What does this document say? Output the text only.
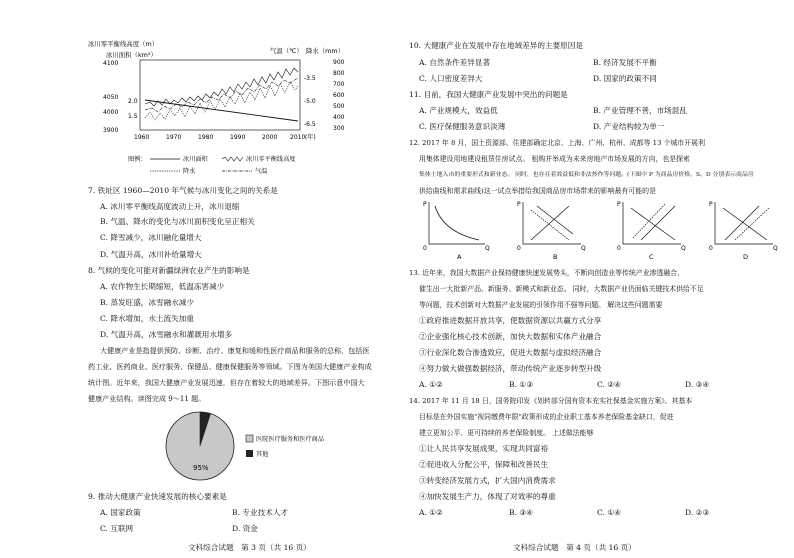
冰川零平衡线高度（m）
冰川面积（km²）	气温（℃） 降水（mm）
4100
4050
4000
3900
2.0
1.5
-3.5
-5.0
-6.5
900
800
700
600
500
400
300
1960	1970	1980	1990	2000 2010 (年)
图例：	冰川面积	冰川零平衡线高度
降水	气温
7. 铁址区 1960—2010 年气候与冰川变化之间的关系是
A. 冰川零平衡线高度波动上升，冰川退缩
B. 气温、降水的变化与冰川面积变化呈正相关
C. 降雪减少，冰川融化量增大
D. 气温升高，冰川补给量增大
8. 气候的变化可能对新疆绿洲农业产生的影响是
A. 农作物生长期缩短，低温冻害减少
B. 蒸发旺盛，冰雪融水减少
C. 降水增加，水土流失加重
D. 气温升高，冰雪融水和灌溉用水增多
大健康产业是指提供预防、诊断、治疗、康复和缓和性医疗商品和服务的总称，包括医
药工业、医药商业、医疗服务、保健品、健康保健服务等领域。下图为美国大健康产业构成
统计图。近年来，我国大健康产业发展迅速，但存在着较大的地域差异。下图示意中国大
健康产业结构。读图完成 9～11 题。
95%
医院医疗服务和医疗商品
其他
9. 推动大健康产业快速发展的核心要素是
A. 国家政策	B. 专业技术人才
C. 互联网	D. 资金
文科综合试题　第 3 页（共 16 页）
10. 大健康产业在发展中存在地域差异的主要原因是
A. 自然条件差异显著	B. 经济发展不平衡
C. 人口密度差异大	D. 国家的政策不同
11. 目前，我国大健康产业发展中突出的问题是
A. 产业规模大，效益低	B. 产业管理不善，市场混乱
C. 医疗保健服务意识淡薄	D. 产业结构较为单一
12. 2017 年 8 月，国土资源部、住建部确定北京、上海、广州、杭州、成都等 13 个城市开展利
用集体建设用地建设租赁住房试点。 租购并举成为未来房地产市场发展的方向，也是探索
集体土地入市的重要形式和新业态。 同时，也存在着效益低和非法炒作等问题。(下图中 P 为商品房价格，S、D 分别表示商品房
供给曲线和需求曲线)这一试点举措给我国商品房市场带来的影响最有可能的是
P
0	Q
A
P
0	Q
B
P
0	Q
C
P
0	Q
D
13. 近年来，我国大数据产业保持健康快速发展势头，不断向创造业等传统产业渗透融合，
催生出一大批新产品、新服务、新模式和新业态。 同时，大数据产业仍面临关键技术供给不足
等问题，技术创新对大数据产业发展的引领作用不强等问题。 解决这些问题需要
①政府推进数据开放共享，使数据资源以共赢方式分享
②企业强化核心技术创新，加快大数据和实体产业融合
③行业深化数合渗透致应，促进大数据与虚拟经济融合
④努力做大做强数据经济，带动传统产业逐步转型升级
A. ①②	B. ①③	C. ②④	D. ③④
14. 2017 年 11 月 18 日，国务院印发《划转部分国有资本充实社保基金实施方案》。其基本
目标是在外国实施"视同缴费年限"政策形成的企业职工基本养老保险基金缺口，促进
建立更加公平、更可持续的养老保险制度。 上述做法能够
①让人民共享发展成果，实现共同富裕
②促进收入分配公平，保障和改善民生
③转变经济发展方式，扩大国内消费需求
④加快发展生产力，体现了对效率的尊重
A. ①②	B. ③④	C. ①④	D. ②③
文科综合试题　第 4 页（共 16 页）
